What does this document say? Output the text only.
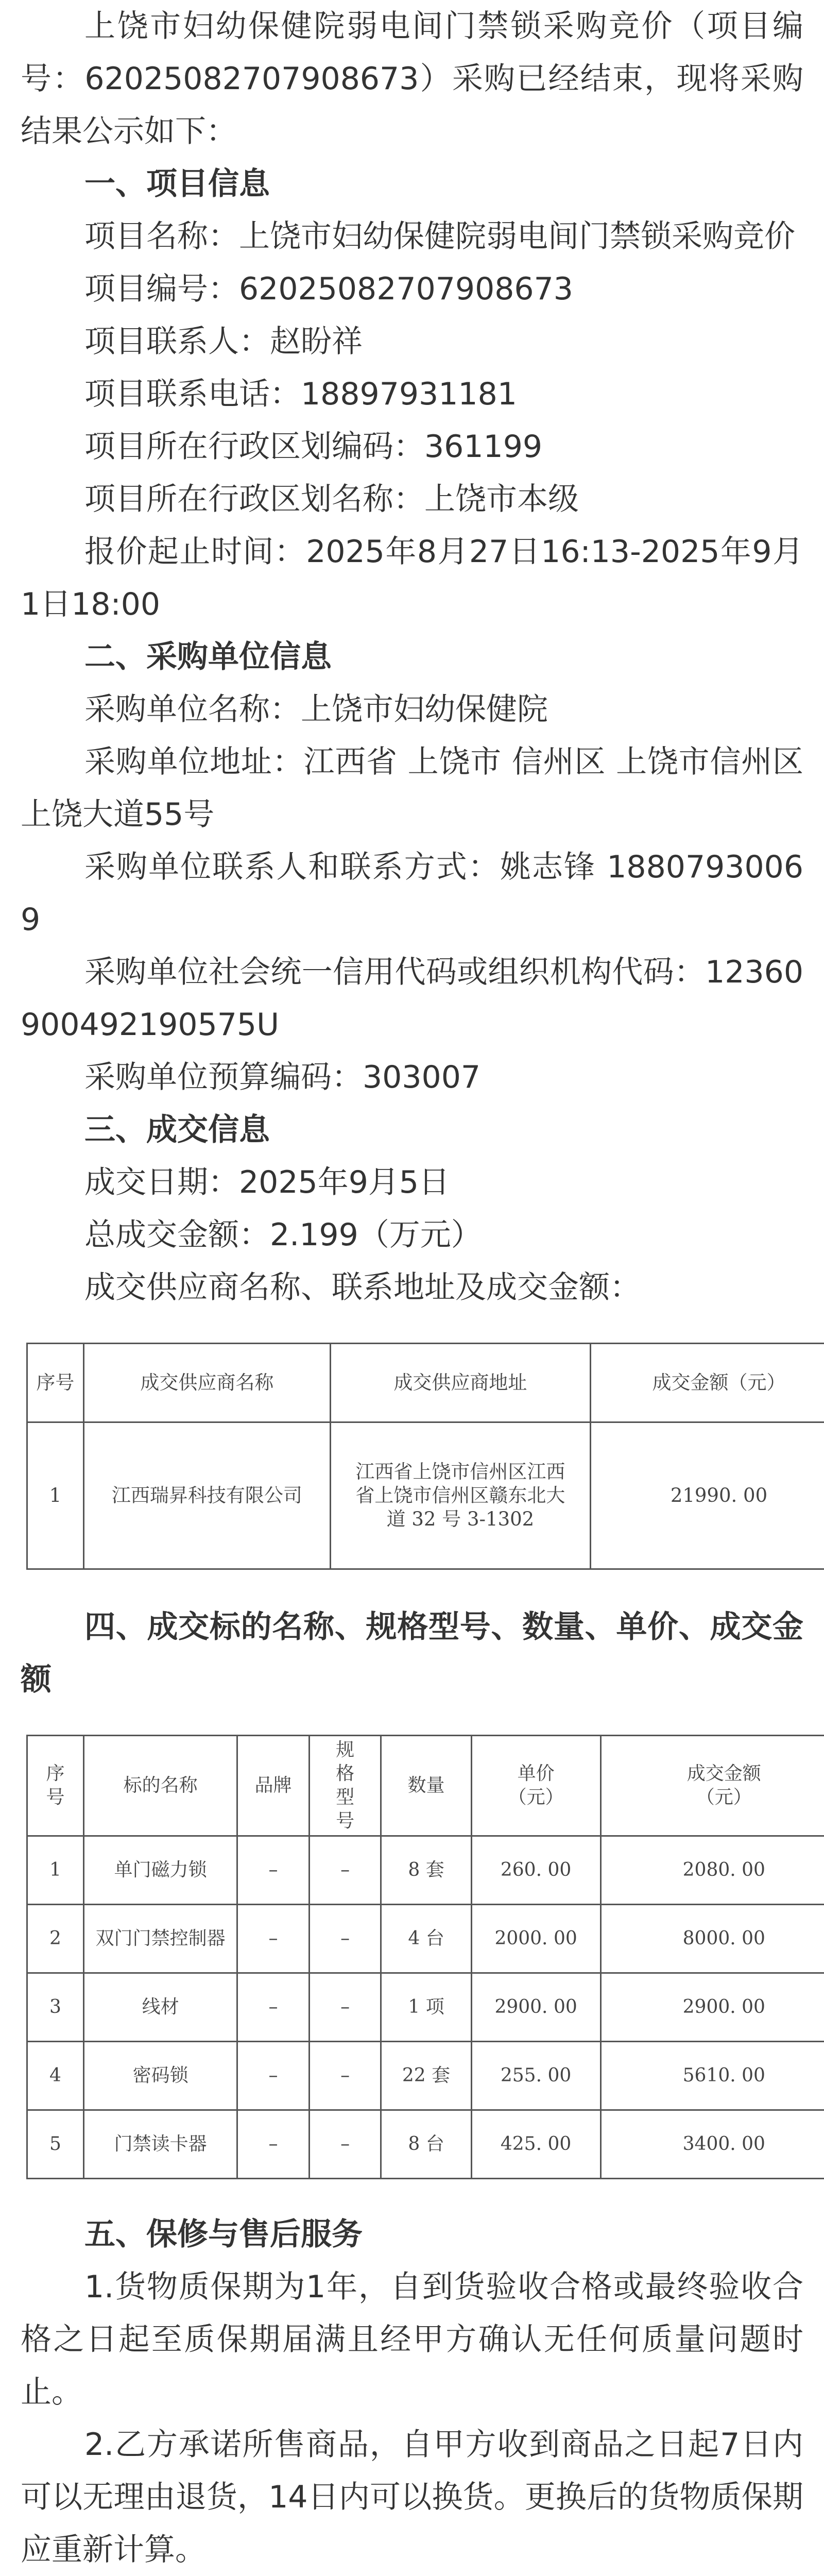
上饶市妇幼保健院弱电间门禁锁采购竞价（项目编号：62025082707908673）采购已经结束，现将采购结果公示如下：

一、项目信息

项目名称：上饶市妇幼保健院弱电间门禁锁采购竞价

项目编号：62025082707908673

项目联系人：赵盼祥

项目联系电话：18897931181

项目所在行政区划编码：361199

项目所在行政区划名称：上饶市本级

报价起止时间：2025年8月27日16:13-2025年9月1日18:00

二、采购单位信息

采购单位名称：上饶市妇幼保健院

采购单位地址：江西省 上饶市 信州区 上饶市信州区上饶大道55号

采购单位联系人和联系方式：姚志锋 18807930069

采购单位社会统一信用代码或组织机构代码：12360900492190575U

采购单位预算编码：303007

三、成交信息

成交日期：2025年9月5日

总成交金额：2.199（万元）

成交供应商名称、联系地址及成交金额：

序号	成交供应商名称	成交供应商地址	成交金额（元）
1	江西瑞昇科技有限公司	江西省上饶市信州区江西省上饶市信州区赣东北大道 32 号 3-1302	21990. 00

四、成交标的名称、规格型号、数量、单价、成交金额

序号	标的名称	品牌	规格型号	数量	单价（元）	成交金额（元）
1	单门磁力锁	–	–	8 套	260. 00	2080. 00
2	双门门禁控制器	–	–	4 台	2000. 00	8000. 00
3	线材	–	–	1 项	2900. 00	2900. 00
4	密码锁	–	–	22 套	255. 00	5610. 00
5	门禁读卡器	–	–	8 台	425. 00	3400. 00

五、保修与售后服务

1.货物质保期为1年，自到货验收合格或最终验收合格之日起至质保期届满且经甲方确认无任何质量问题时止。

2.乙方承诺所售商品，自甲方收到商品之日起7日内可以无理由退货，14日内可以换货。更换后的货物质保期应重新计算。
